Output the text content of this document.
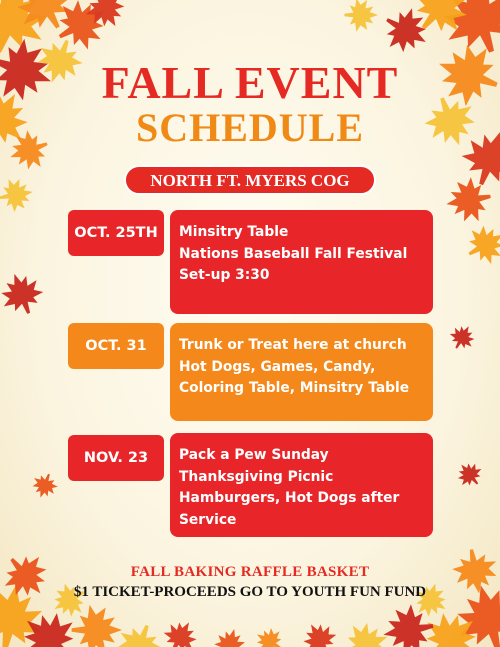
FALL EVENT
SCHEDULE
NORTH FT. MYERS COG
OCT. 25TH	Minsitry Table
Nations Baseball Fall Festival
Set-up 3:30
OCT. 31	Trunk or Treat here at church
Hot Dogs, Games, Candy,
Coloring Table, Minsitry Table
NOV. 23	Pack a Pew Sunday
Thanksgiving Picnic
Hamburgers, Hot Dogs after
Service
FALL BAKING RAFFLE BASKET
$1 TICKET-PROCEEDS GO TO YOUTH FUN FUND
